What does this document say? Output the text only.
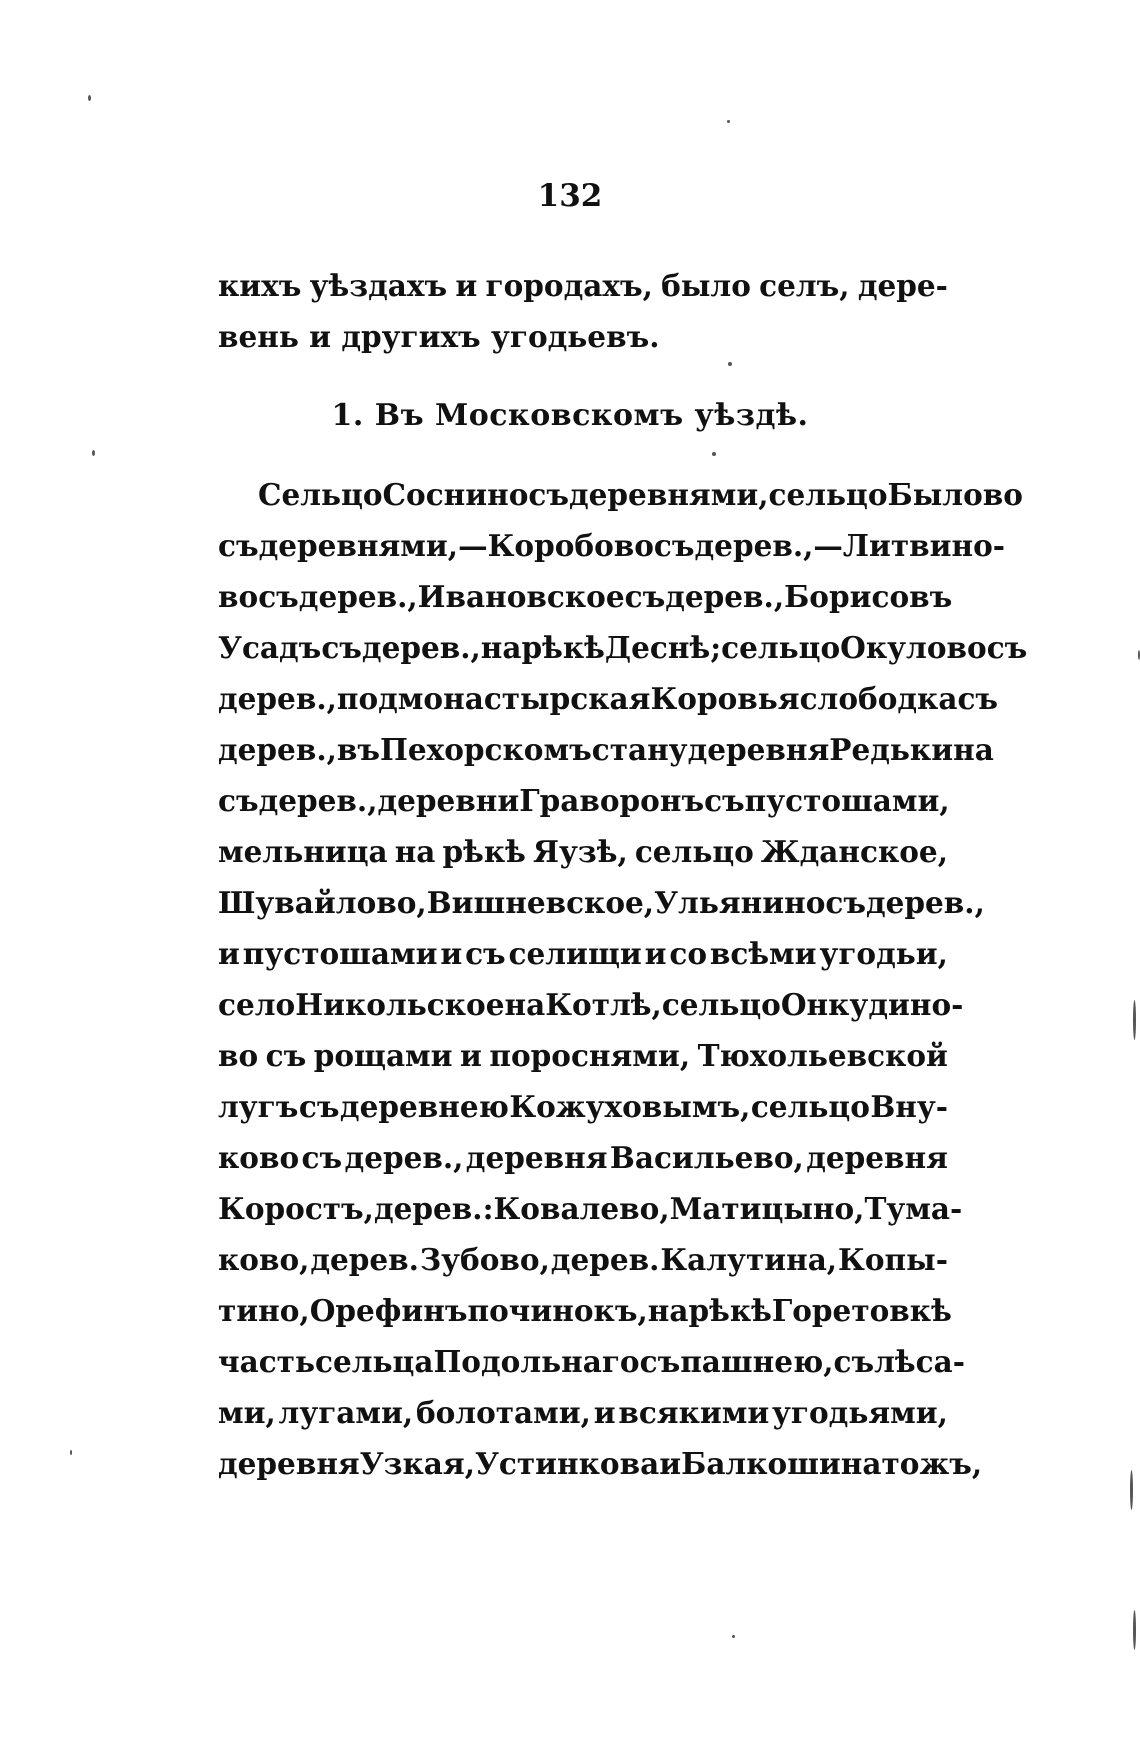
132
кихъ уѣздахъ и городахъ, было селъ, дере-
вень
и
другихъ
угодьевъ.
1. Въ Московскомъ уѣздѣ.
Сельцо Соснино съ деревнями, сельцо Былово
съ деревнями,—Коробово съ дерев.,—Литвино-
во съ дерев., Ивановское съ дерев., Борисовъ
Усадъ съ дерев., на рѣкѣ Деснѣ; сельцо Окулово съ
дерев., подмонастырская Коровья слободка съ
дерев., въ Пехорскомъ стану деревня Редькина
съ дерев., деревни Граворонъ съ пустошами,
мельница на рѣкѣ Яузѣ, сельцо Жданское,
Шувайлово, Вишневское, Ульянино съ дерев.,
и пустошами и съ селищи и со всѣми угодьи,
село Никольское на Котлѣ, сельцо Онкудино-
во съ рощами и пороснями, Тюхольевской
лугъ съ деревнею Кожуховымъ, сельцо Вну-
ково съ дерев., деревня Васильево, деревня
Коростъ, дерев.: Ковалево, Матицыно, Тума-
ково, дерев. Зубово, дерев. Калутина, Копы-
тино, Орефинъ починокъ, на рѣкѣ Горетовкѣ
часть сельца Подольнаго съ пашнею, съ лѣса-
ми, лугами, болотами, и всякими угодьями,
деревня Узкая, Устинкова и Балкошина тожъ,
